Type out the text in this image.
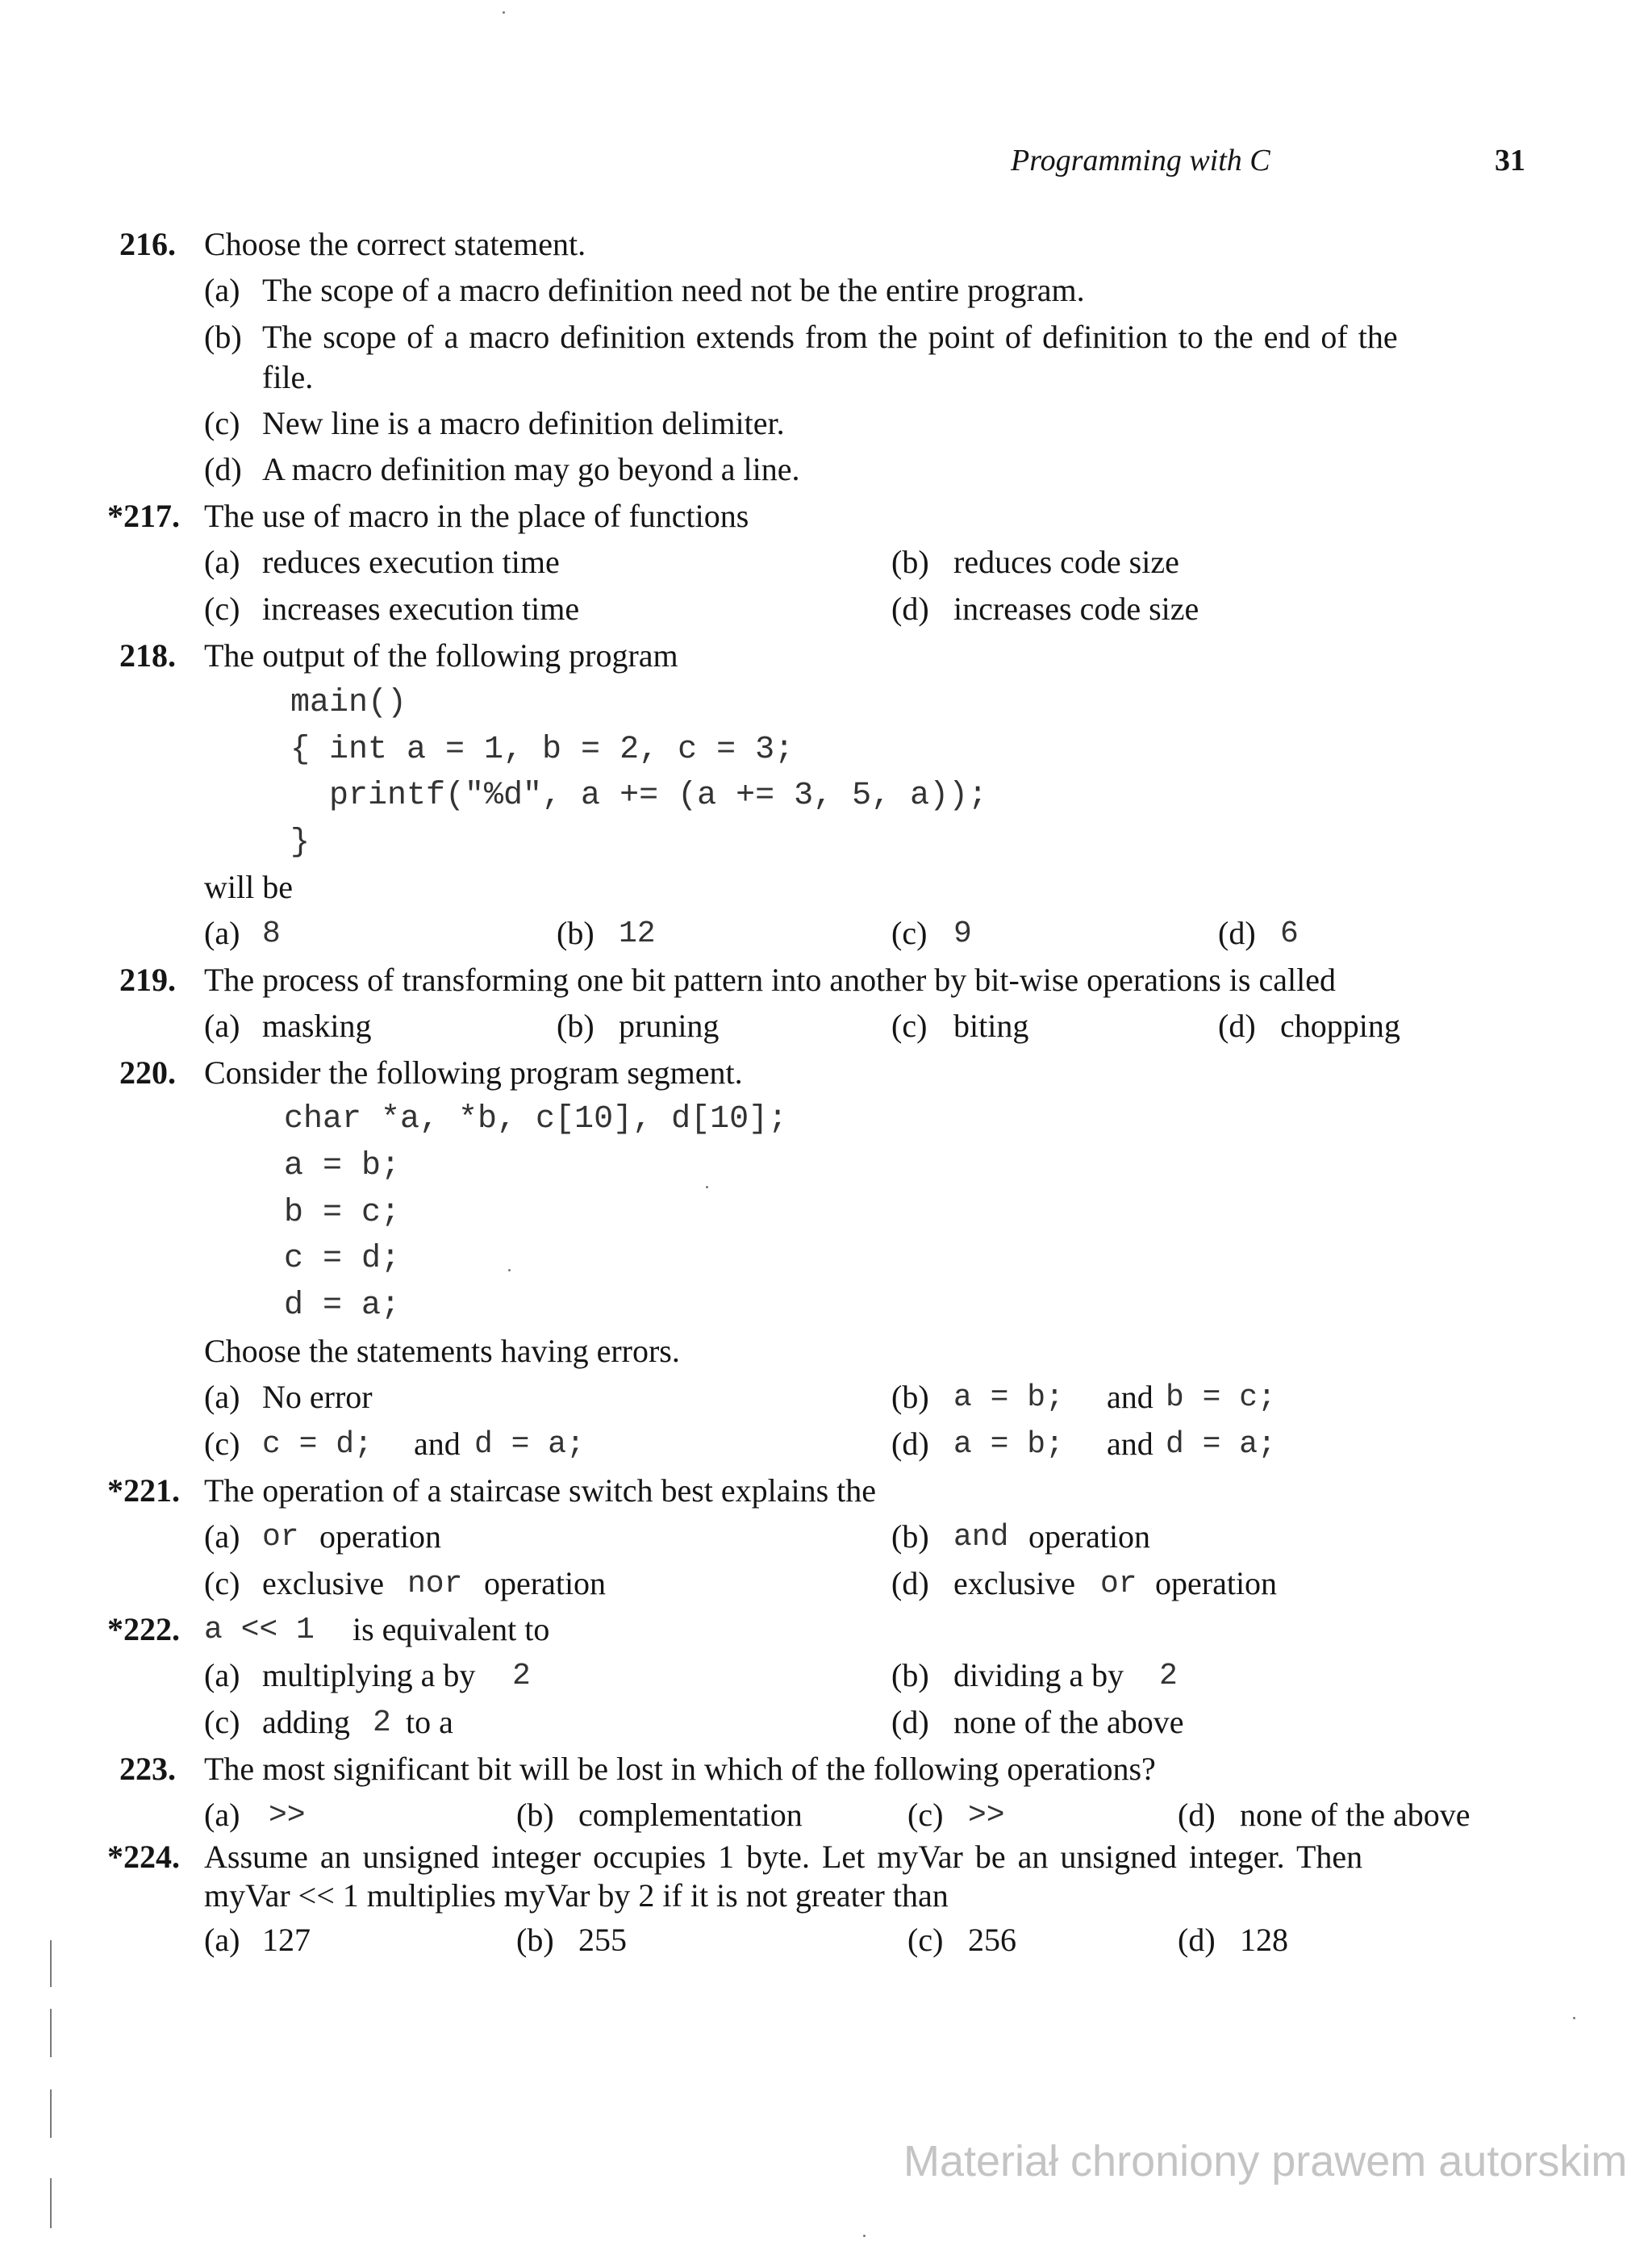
Programming with C	31
216. Choose the correct statement.
(a) The scope of a macro definition need not be the entire program.
(b) The scope of a macro definition extends from the point of definition to the end of the
file.
(c) New line is a macro definition delimiter.
(d) A macro definition may go beyond a line.
*217. The use of macro in the place of functions
(a) reduces execution time	(b) reduces code size
(c) increases execution time	(d) increases code size
218. The output of the following program
main()
{ int a = 1, b = 2, c = 3;
printf("%d", a += (a += 3, 5, a));
}
will be
(a) 8	(b) 12	(c) 9	(d) 6
219. The process of transforming one bit pattern into another by bit-wise operations is called
(a) masking	(b) pruning	(c) biting	(d) chopping
220. Consider the following program segment.
char *a, *b, c[10], d[10];
a = b;
b = c;
c = d;
d = a;
Choose the statements having errors.
(a) No error	(b) a = b; and b = c;
(c) c = d; and d = a;	(d) a = b; and d = a;
*221. The operation of a staircase switch best explains the
(a) or operation	(b) and operation
(c) exclusive nor operation	(d) exclusive or operation
*222. a << 1 is equivalent to
(a) multiplying a by 2	(b) dividing a by 2
(c) adding 2 to a	(d) none of the above
223. The most significant bit will be lost in which of the following operations?
(a) >>	(b) complementation	(c) >>	(d) none of the above
*224. Assume an unsigned integer occupies 1 byte. Let myVar be an unsigned integer. Then
myVar << 1 multiplies myVar by 2 if it is not greater than
(a) 127	(b) 255	(c) 256	(d) 128
Materiał chroniony prawem autorskim
